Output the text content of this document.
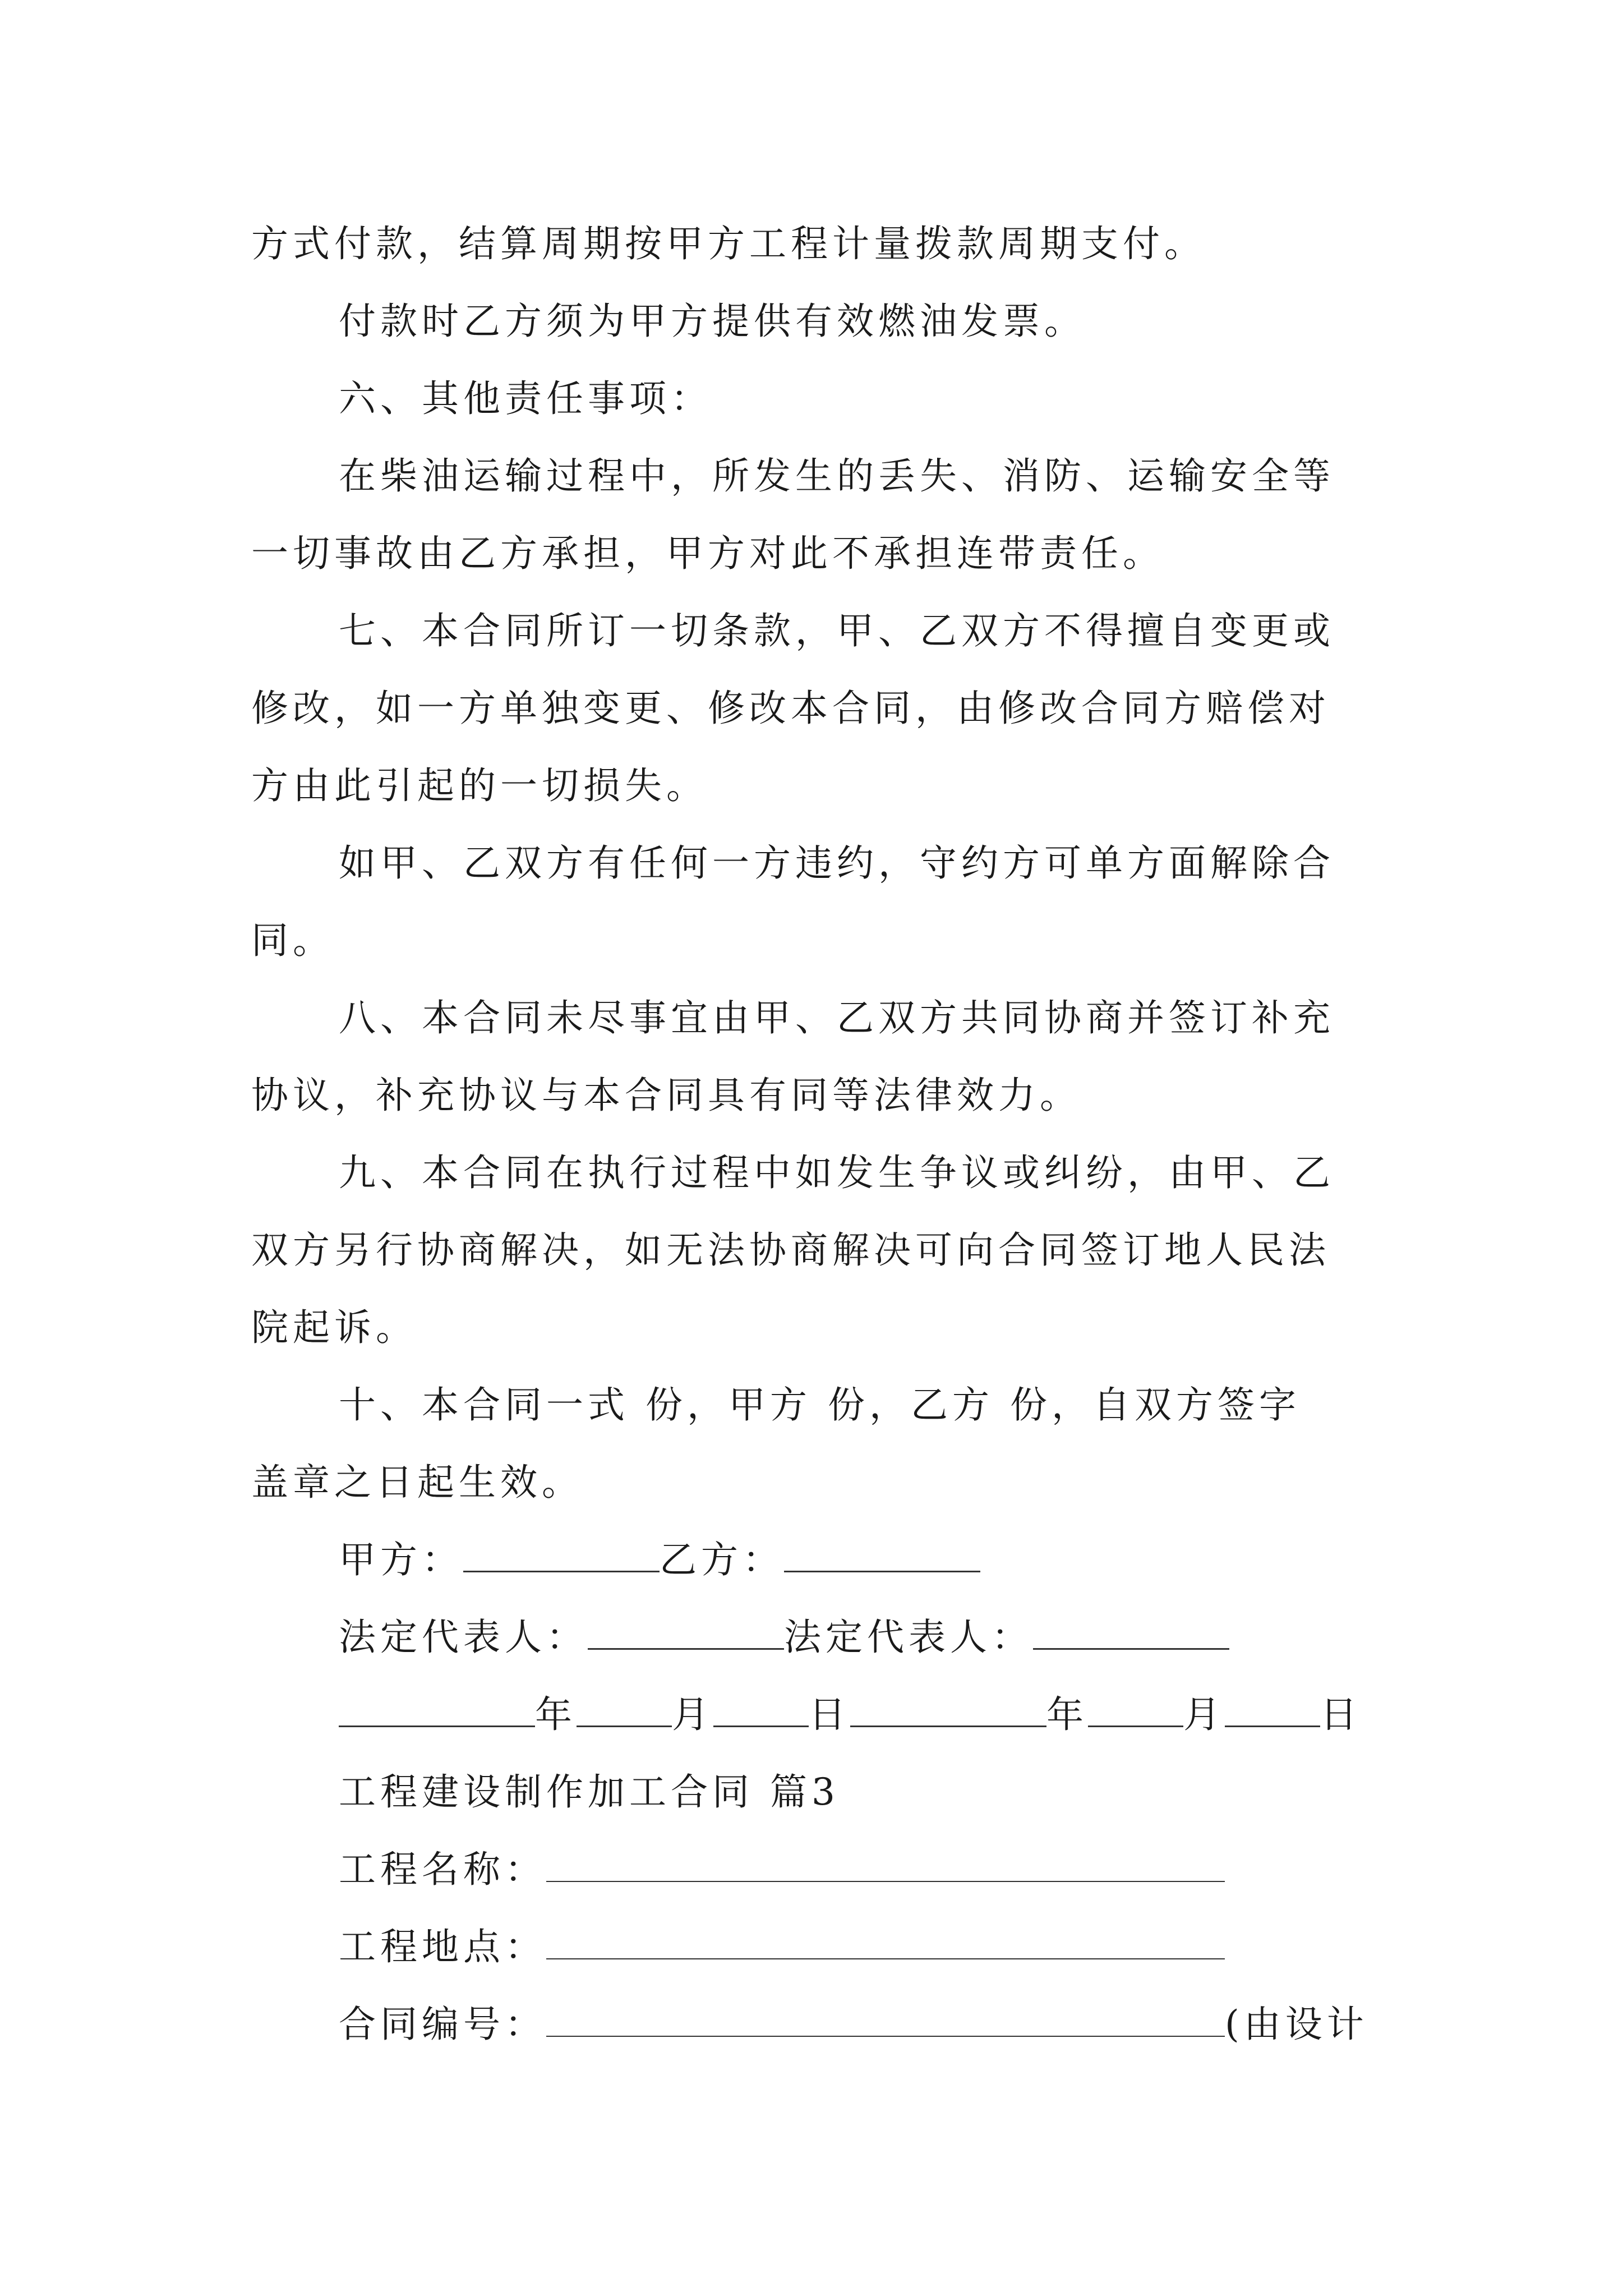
方式付款，结算周期按甲方工程计量拨款周期支付。
付款时乙方须为甲方提供有效燃油发票。
六、其他责任事项：
在柴油运输过程中，所发生的丢失、消防、运输安全等
一切事故由乙方承担，甲方对此不承担连带责任。
七、本合同所订一切条款，甲、乙双方不得擅自变更或
修改，如一方单独变更、修改本合同，由修改合同方赔偿对
方由此引起的一切损失。
如甲、乙双方有任何一方违约，守约方可单方面解除合
同。
八、本合同未尽事宜由甲、乙双方共同协商并签订补充
协议，补充协议与本合同具有同等法律效力。
九、本合同在执行过程中如发生争议或纠纷，由甲、乙
双方另行协商解决，如无法协商解决可向合同签订地人民法
院起诉。
十、本合同一式 份，甲方 份，乙方 份，自双方签字
盖章之日起生效。
甲方：	乙方：
法定代表人：	法定代表人：
年	月	日	年	月	日
工程建设制作加工合同 篇3
工程名称：
工程地点：
合同编号：	(由设计
